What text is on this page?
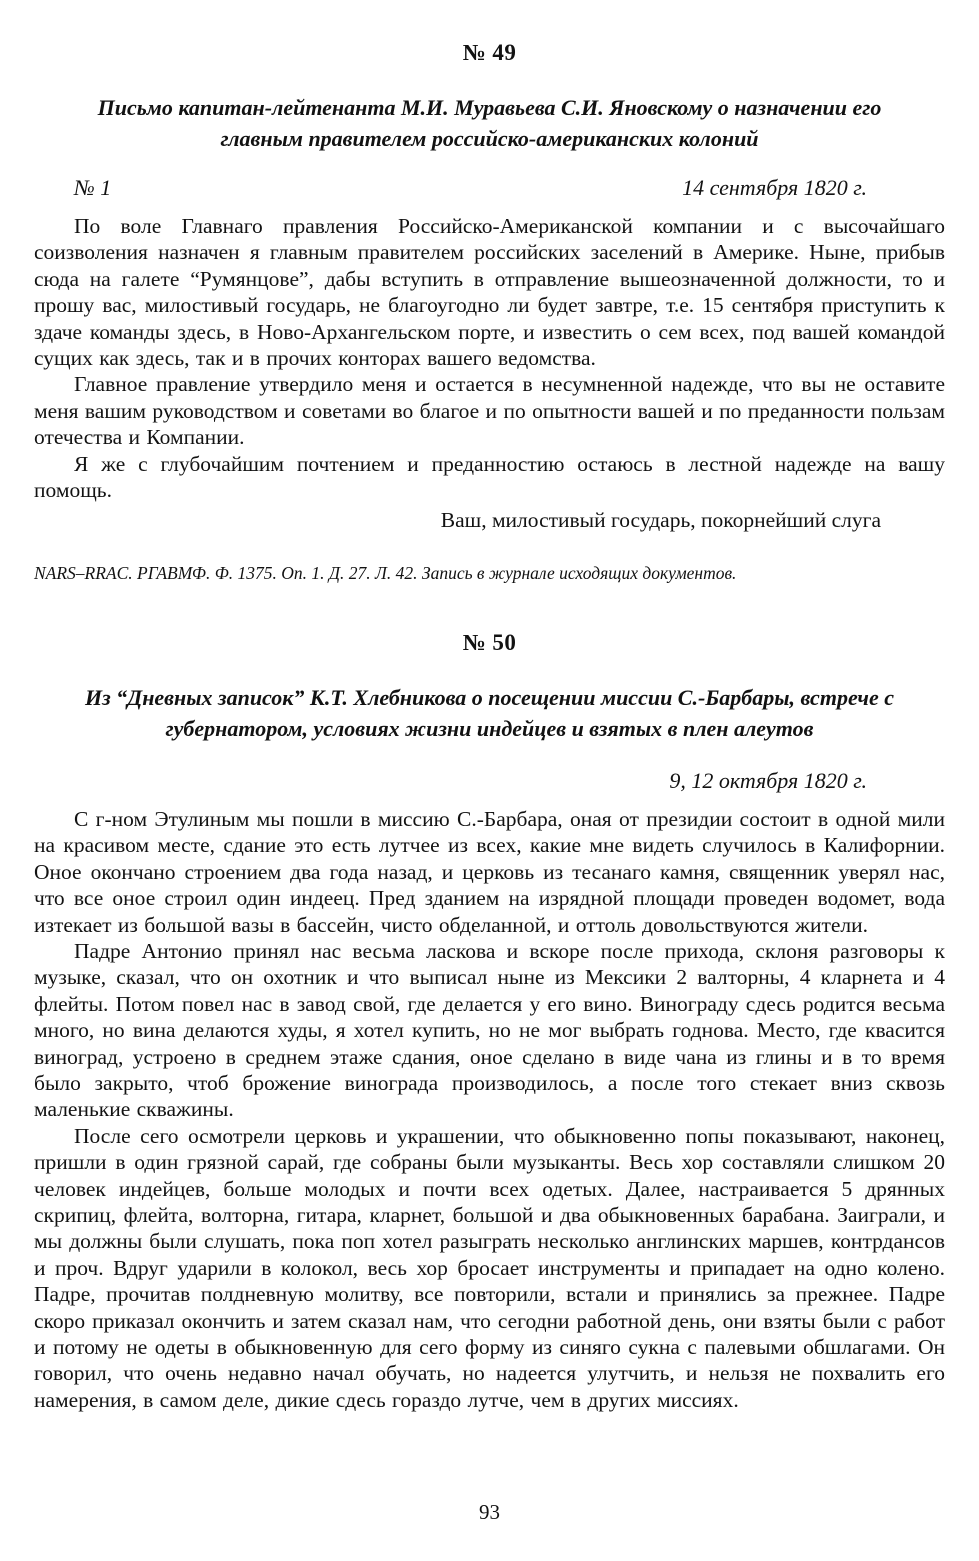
№ 49
Письмо капитан-лейтенанта М.И. Муравьева С.И. Яновскому о назначении его главным правителем российско-американских колоний
№ 1	14 сентября 1820 г.

По воле Главнаго правления Российско-Американской компании и с высочайшаго соизволения назначен я главным правителем российских заселений в Америке. Ныне, прибыв сюда на галете “Румянцове”, дабы вступить в отправление вышеозначенной должности, то и прошу вас, милостивый государь, не благоугодно ли будет завтре, т.е. 15 сентября приступить к здаче команды здесь, в Ново-Архангельском порте, и известить о сем всех, под вашей командой сущих как здесь, так и в прочих конторах вашего ведомства.

Главное правление утвердило меня и остается в несумненной надежде, что вы не оставите меня вашим руководством и советами во благое и по опытности вашей и по преданности пользам отечества и Компании.

Я же с глубочайшим почтением и преданностию остаюсь в лестной надежде на вашу помощь.

Ваш, милостивый государь, покорнейший слуга
NARS–RRAC. РГАВМФ. Ф. 1375. Оп. 1. Д. 27. Л. 42. Запись в журнале исходящих документов.
№ 50
Из “Дневных записок” К.Т. Хлебникова о посещении миссии С.-Барбары, встрече с губернатором, условиях жизни индейцев и взятых в плен алеутов
9, 12 октября 1820 г.

С г-ном Этулиным мы пошли в миссию С.-Барбара, оная от президии состоит в одной мили на красивом месте, сдание это есть лутчее из всех, какие мне видеть случилось в Калифорнии. Оное окончано строением два года назад, и церковь из тесанаго камня, священник уверял нас, что все оное строил один индеец. Пред зданием на изрядной площади проведен водомет, вода изтекает из большой вазы в бассейн, чисто обделанной, и оттоль довольствуются жители.

Падре Антонио принял нас весьма ласкова и вскоре после прихода, склоня разговоры к музыке, сказал, что он охотник и что выписал ныне из Мексики 2 валторны, 4 кларнета и 4 флейты. Потом повел нас в завод свой, где делается у его вино. Винограду сдесь родится весьма много, но вина делаются худы, я хотел купить, но не мог выбрать годнова. Место, где квасится виноград, устроено в среднем этаже сдания, оное сделано в виде чана из глины и в то время было закрыто, чтоб брожение винограда производилось, а после того стекает вниз сквозь маленькие скважины.

После сего осмотрели церковь и украшении, что обыкновенно попы показывают, наконец, пришли в один грязной сарай, где собраны были музыканты. Весь хор составляли слишком 20 человек индейцев, больше молодых и почти всех одетых. Далее, настраивается 5 дрянных скрипиц, флейта, волторна, гитара, кларнет, большой и два обыкновенных барабана. Заиграли, и мы должны были слушать, пока поп хотел разыграть несколько англинских маршев, контрдансов и проч. Вдруг ударили в колокол, весь хор бросает инструменты и припадает на одно колено. Падре, прочитав полдневную молитву, все повторили, встали и принялись за прежнее. Падре скоро приказал окончить и затем сказал нам, что сегодни работной день, они взяты были с работ и потому не одеты в обыкновенную для сего форму из синяго сукна с палевыми обшлагами. Он говорил, что очень недавно начал обучать, но надеется улутчить, и нельзя не похвалить его намерения, в самом деле, дикие сдесь гораздо лутче, чем в других миссиях.

93
